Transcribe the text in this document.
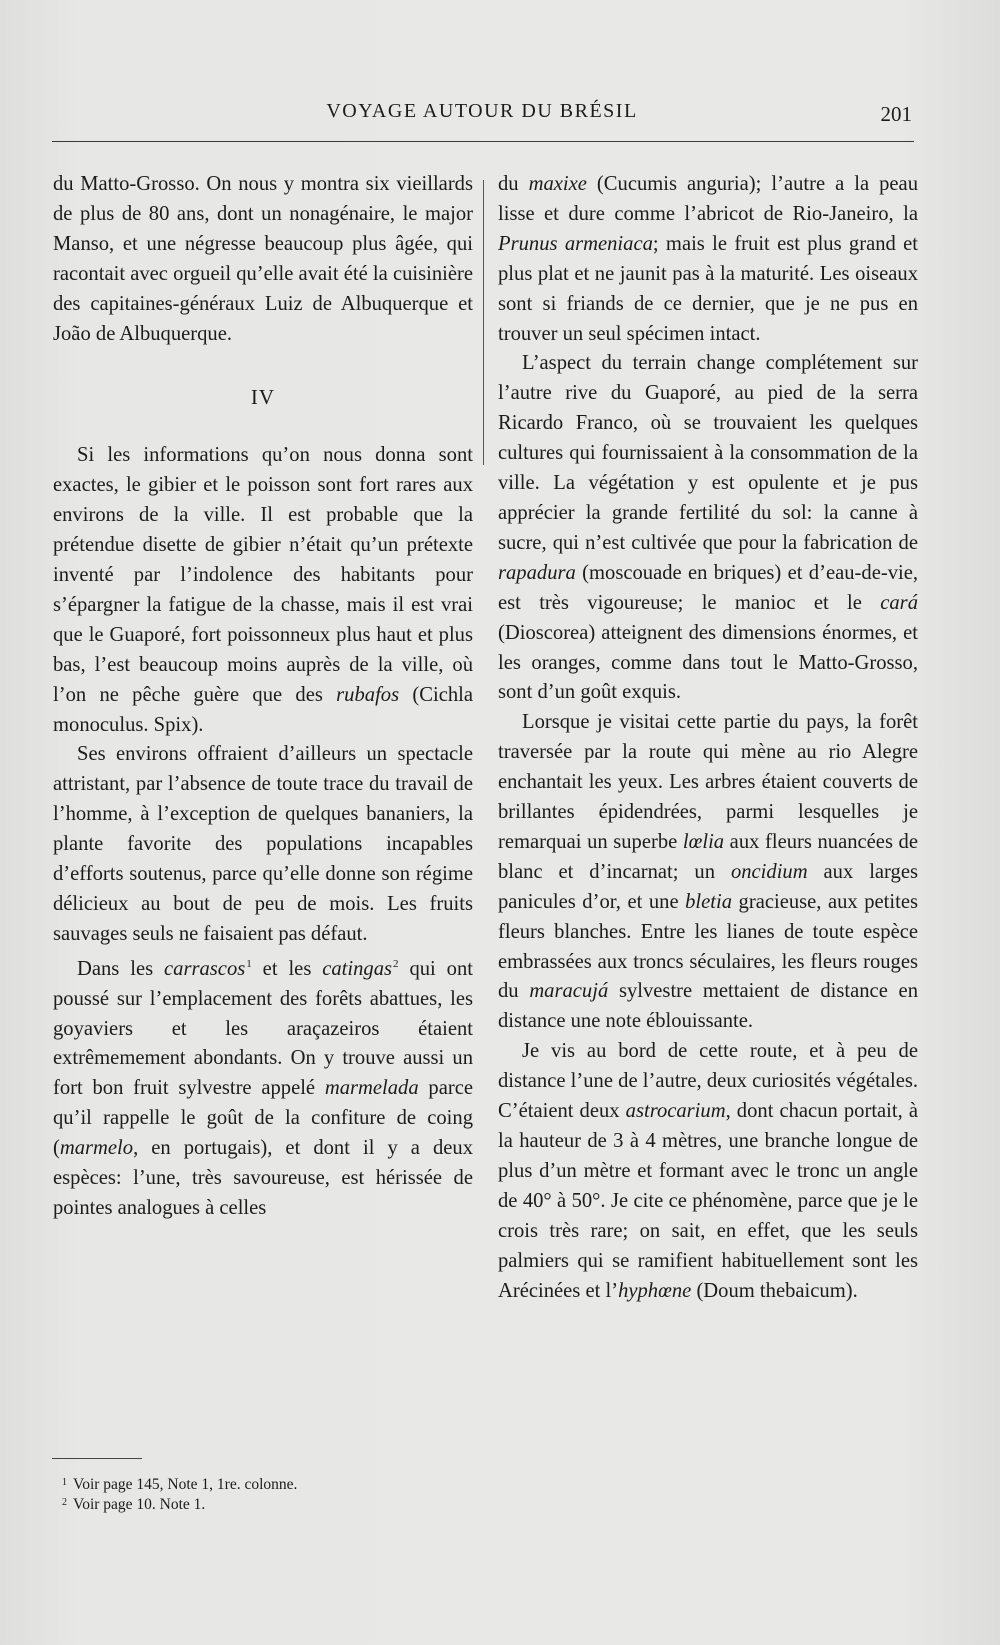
VOYAGE AUTOUR DU BRÉSIL	201

du Matto-Grosso. On nous y montra six vieillards de plus de 80 ans, dont un nonagénaire, le major Manso, et une négresse beaucoup plus âgée, qui racontait avec orgueil qu’elle avait été la cuisinière des capitaines-généraux Luiz de Albuquerque et João de Albuquerque.

IV

Si les informations qu’on nous donna sont exactes, le gibier et le poisson sont fort rares aux environs de la ville. Il est probable que la prétendue disette de gibier n’était qu’un prétexte inventé par l’indolence des habitants pour s’épargner la fatigue de la chasse, mais il est vrai que le Guaporé, fort poissonneux plus haut et plus bas, l’est beaucoup moins auprès de la ville, où l’on ne pêche guère que des rubafos (Cichla monoculus. Spix).

Ses environs offraient d’ailleurs un spectacle attristant, par l’absence de toute trace du travail de l’homme, à l’exception de quelques bananiers, la plante favorite des populations incapables d’efforts soutenus, parce qu’elle donne son régime délicieux au bout de peu de mois. Les fruits sauvages seuls ne faisaient pas défaut.

Dans les carrascos$^1$ et les catingas$^2$ qui ont poussé sur l’emplacement des forêts abattues, les goyaviers et les araçazeiros étaient extrêmemement abondants. On y trouve aussi un fort bon fruit sylvestre appelé marmelada parce qu’il rappelle le goût de la confiture de coing (marmelo, en portugais), et dont il y a deux espèces: l’une, très savoureuse, est hérissée de pointes analogues à celles

du maxixe (Cucumis anguria); l’autre a la peau lisse et dure comme l’abricot de Rio-Janeiro, la Prunus armeniaca; mais le fruit est plus grand et plus plat et ne jaunit pas à la maturité. Les oiseaux sont si friands de ce dernier, que je ne pus en trouver un seul spécimen intact.

L’aspect du terrain change complétement sur l’autre rive du Guaporé, au pied de la serra Ricardo Franco, où se trouvaient les quelques cultures qui fournissaient à la consommation de la ville. La végétation y est opulente et je pus apprécier la grande fertilité du sol: la canne à sucre, qui n’est cultivée que pour la fabrication de rapadura (moscouade en briques) et d’eau-de-vie, est très vigoureuse; le manioc et le cará (Dioscorea) atteignent des dimensions énormes, et les oranges, comme dans tout le Matto-Grosso, sont d’un goût exquis.

Lorsque je visitai cette partie du pays, la forêt traversée par la route qui mène au rio Alegre enchantait les yeux. Les arbres étaient couverts de brillantes épidendrées, parmi lesquelles je remarquai un superbe lœlia aux fleurs nuancées de blanc et d’incarnat; un oncidium aux larges panicules d’or, et une bletia gracieuse, aux petites fleurs blanches. Entre les lianes de toute espèce embrassées aux troncs séculaires, les fleurs rouges du maracujá sylvestre mettaient de distance en distance une note éblouissante.

Je vis au bord de cette route, et à peu de distance l’une de l’autre, deux curiosités végétales. C’étaient deux astrocarium, dont chacun portait, à la hauteur de 3 à 4 mètres, une branche longue de plus d’un mètre et formant avec le tronc un angle de 40° à 50°. Je cite ce phénomène, parce que je le crois très rare; on sait, en effet, que les seuls palmiers qui se ramifient habituellement sont les Arécinées et l’hyphœne (Doum thebaicum).

$^1$ Voir page 145, Note 1, 1re. colonne.

$^2$ Voir page 10. Note 1.
